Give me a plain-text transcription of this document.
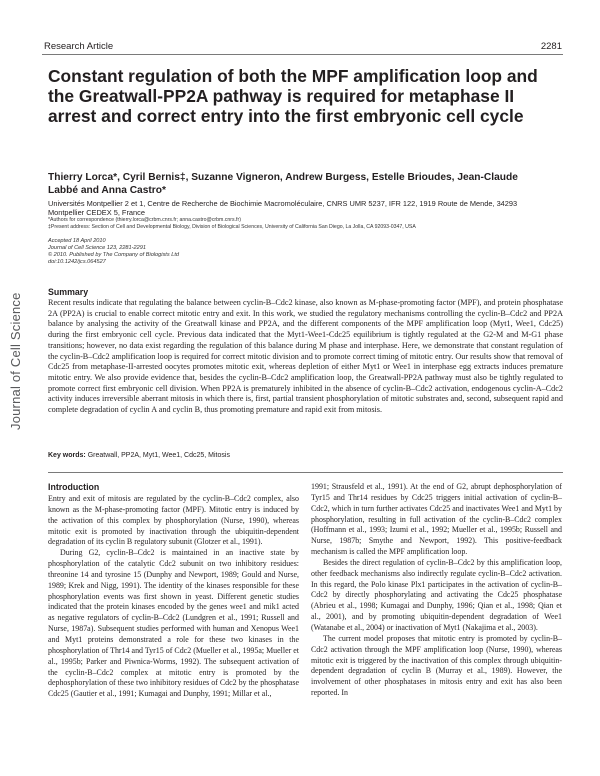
Research Article	2281
Journal of Cell Science
Constant regulation of both the MPF amplification loop and the Greatwall-PP2A pathway is required for metaphase II arrest and correct entry into the first embryonic cell cycle
Thierry Lorca*, Cyril Bernis‡, Suzanne Vigneron, Andrew Burgess, Estelle Brioudes, Jean-Claude Labbé and Anna Castro*
Universités Montpellier 2 et 1, Centre de Recherche de Biochimie Macromoléculaire, CNRS UMR 5237, IFR 122, 1919 Route de Mende, 34293 Montpellier CEDEX 5, France
*Authors for correspondence (thierry.lorca@crbm.cnrs.fr; anna.castro@crbm.cnrs.fr)
‡Present address: Section of Cell and Developmental Biology, Division of Biological Sciences, University of California San Diego, La Jolla, CA 92093-0347, USA
Accepted 18 April 2010
Journal of Cell Science 123, 2281-2291
© 2010. Published by The Company of Biologists Ltd
doi:10.1242/jcs.064527
Summary
Recent results indicate that regulating the balance between cyclin-B–Cdc2 kinase, also known as M-phase-promoting factor (MPF), and protein phosphatase 2A (PP2A) is crucial to enable correct mitotic entry and exit. In this work, we studied the regulatory mechanisms controlling the cyclin-B–Cdc2 and PP2A balance by analysing the activity of the Greatwall kinase and PP2A, and the different components of the MPF amplification loop (Myt1, Wee1, Cdc25) during the first embryonic cell cycle. Previous data indicated that the Myt1-Wee1-Cdc25 equilibrium is tightly regulated at the G2-M and M-G1 phase transitions; however, no data exist regarding the regulation of this balance during M phase and interphase. Here, we demonstrate that constant regulation of the cyclin-B–Cdc2 amplification loop is required for correct mitotic division and to promote correct timing of mitotic entry. Our results show that removal of Cdc25 from metaphase-II-arrested oocytes promotes mitotic exit, whereas depletion of either Myt1 or Wee1 in interphase egg extracts induces premature mitotic entry. We also provide evidence that, besides the cyclin-B–Cdc2 amplification loop, the Greatwall-PP2A pathway must also be tightly regulated to promote correct first embryonic cell division. When PP2A is prematurely inhibited in the absence of cyclin-B–Cdc2 activation, endogenous cyclin-A–Cdc2 activity induces irreversible aberrant mitosis in which there is, first, partial transient phosphorylation of mitotic substrates and, second, subsequent rapid and complete degradation of cyclin A and cyclin B, thus promoting premature and rapid exit from mitosis.
Key words: Greatwall, PP2A, Myt1, Wee1, Cdc25, Mitosis
Introduction

Entry and exit of mitosis are regulated by the cyclin-B–Cdc2 complex, also known as the M-phase-promoting factor (MPF). Mitotic entry is induced by the activation of this complex by phosphorylation (Nurse, 1990), whereas mitotic exit is promoted by inactivation through the ubiquitin-dependent degradation of its cyclin B regulatory subunit (Glotzer et al., 1991).

During G2, cyclin-B–Cdc2 is maintained in an inactive state by phosphorylation of the catalytic Cdc2 subunit on two inhibitory residues: threonine 14 and tyrosine 15 (Dunphy and Newport, 1989; Gould and Nurse, 1989; Krek and Nigg, 1991). The identity of the kinases responsible for these phosphorylation events was first shown in yeast. Different genetic studies indicated that the protein kinases encoded by the genes wee1 and mik1 acted as negative regulators of cyclin-B–Cdc2 (Lundgren et al., 1991; Russell and Nurse, 1987a). Subsequent studies performed with human and Xenopus Wee1 and Myt1 proteins demonstrated a role for these two kinases in the phosphorylation of Thr14 and Tyr15 of Cdc2 (Mueller et al., 1995a; Mueller et al., 1995b; Parker and Piwnica-Worms, 1992). The subsequent activation of the cyclin-B–Cdc2 complex at mitotic entry is promoted by the dephosphorylation of these two inhibitory residues of Cdc2 by the phosphatase Cdc25 (Gautier et al., 1991; Kumagai and Dunphy, 1991; Millar et al.,

1991; Strausfeld et al., 1991). At the end of G2, abrupt dephosphorylation of Tyr15 and Thr14 residues by Cdc25 triggers initial activation of cyclin-B–Cdc2, which in turn further activates Cdc25 and inactivates Wee1 and Myt1 by phosphorylation, resulting in full activation of the cyclin-B–Cdc2 complex (Hoffmann et al., 1993; Izumi et al., 1992; Mueller et al., 1995b; Russell and Nurse, 1987b; Smythe and Newport, 1992). This positive-feedback mechanism is called the MPF amplification loop.

Besides the direct regulation of cyclin-B–Cdc2 by this amplification loop, other feedback mechanisms also indirectly regulate cyclin-B–Cdc2 activation. In this regard, the Polo kinase Plx1 participates in the activation of cyclin-B–Cdc2 by directly phosphorylating and activating the Cdc25 phosphatase (Abrieu et al., 1998; Kumagai and Dunphy, 1996; Qian et al., 1998; Qian et al., 2001), and by promoting ubiquitin-dependent degradation of Wee1 (Watanabe et al., 2004) or inactivation of Myt1 (Nakajima et al., 2003).

The current model proposes that mitotic entry is promoted by cyclin-B–Cdc2 activation through the MPF amplification loop (Nurse, 1990), whereas mitotic exit is triggered by the inactivation of this complex through ubiquitin-dependent degradation of cyclin B (Murray et al., 1989). However, the involvement of other phosphatases in mitosis entry and exit has also been reported. In
